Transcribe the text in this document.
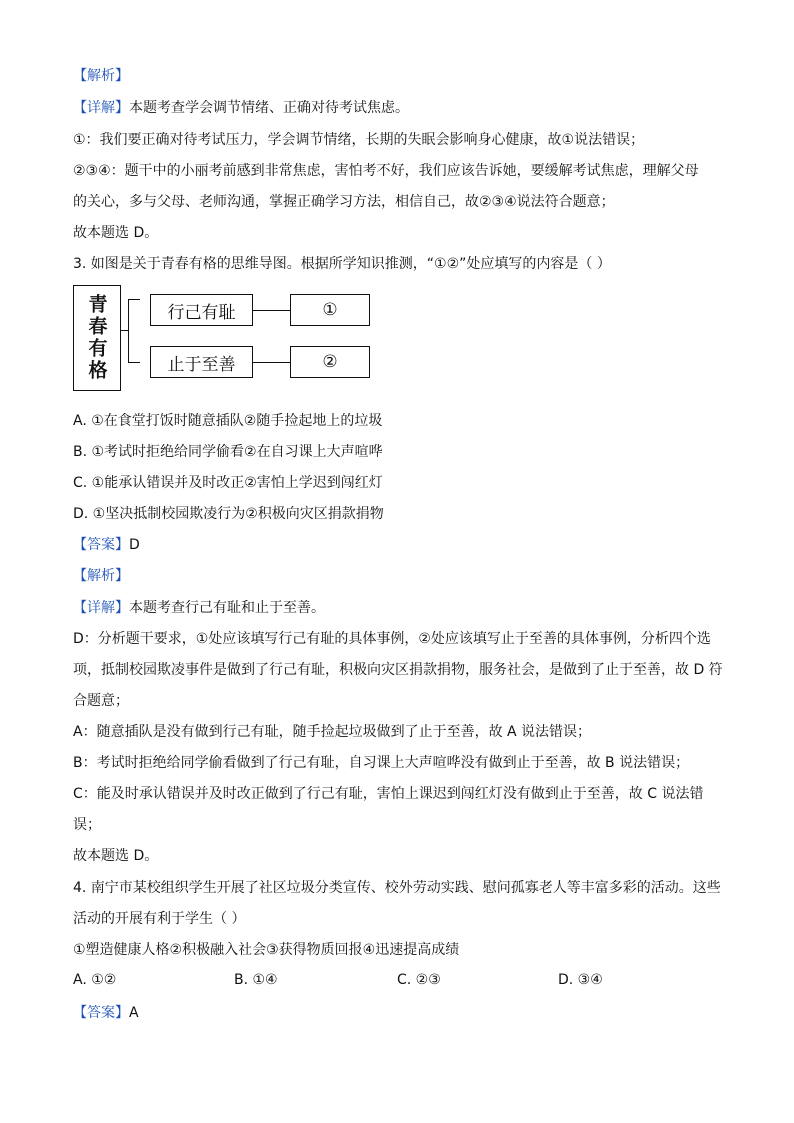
【解析】
【详解】本题考查学会调节情绪、正确对待考试焦虑。
①：我们要正确对待考试压力，学会调节情绪，长期的失眠会影响身心健康，故①说法错误；
②③④：题干中的小丽考前感到非常焦虑，害怕考不好，我们应该告诉她，要缓解考试焦虑，理解父母
的关心，多与父母、老师沟通，掌握正确学习方法，相信自己，故②③④说法符合题意；
故本题选 D。
3. 如图是关于青春有格的思维导图。根据所学知识推测，“①②”处应填写的内容是（ ）
青春有格	行己有耻	①
止于至善	②
A. ①在食堂打饭时随意插队②随手捡起地上的垃圾
B. ①考试时拒绝给同学偷看②在自习课上大声喧哗
C. ①能承认错误并及时改正②害怕上学迟到闯红灯
D. ①坚决抵制校园欺凌行为②积极向灾区捐款捐物
【答案】D
【解析】
【详解】本题考查行己有耻和止于至善。
D：分析题干要求，①处应该填写行己有耻的具体事例，②处应该填写止于至善的具体事例，分析四个选
项，抵制校园欺凌事件是做到了行己有耻，积极向灾区捐款捐物，服务社会，是做到了止于至善，故 D 符
合题意；
A：随意插队是没有做到行己有耻，随手捡起垃圾做到了止于至善，故 A 说法错误；
B：考试时拒绝给同学偷看做到了行己有耻，自习课上大声喧哗没有做到止于至善，故 B 说法错误；
C：能及时承认错误并及时改正做到了行己有耻，害怕上课迟到闯红灯没有做到止于至善，故 C 说法错
误；
故本题选 D。
4. 南宁市某校组织学生开展了社区垃圾分类宣传、校外劳动实践、慰问孤寡老人等丰富多彩的活动。这些
活动的开展有利于学生（ ）
①塑造健康人格②积极融入社会③获得物质回报④迅速提高成绩
A. ①②	B. ①④	C. ②③	D. ③④
【答案】A
